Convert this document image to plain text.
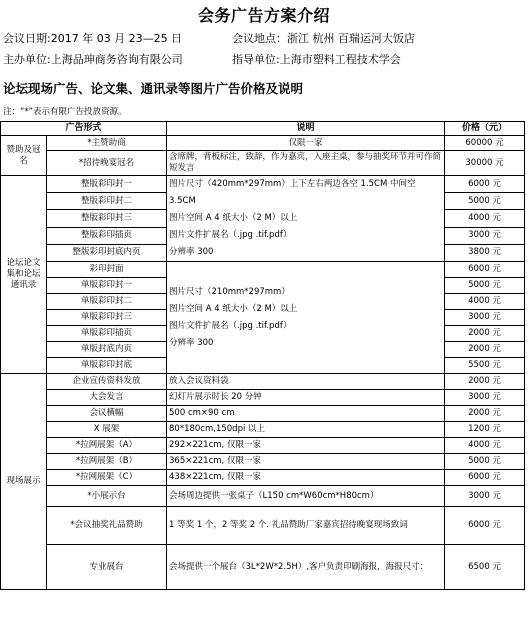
会务广告方案介绍
会议日期:2017 年 03 月 23—25 日	会议地点：浙江 杭州 百瑞运河大饭店
主办单位:上海品珅商务咨询有限公司	指导单位:上海市塑料工程技术学会
论坛现场广告、论文集、通讯录等图片广告价格及说明
注：“*”表示有限广告投放资源。
广告形式		说明	价格（元）
赞助及冠名	*主赞助商	仅限一家	60000 元
	*招待晚宴冠名	含席牌，背板标注，致辞，作为嘉宾，入座主桌，参与抽奖环节并可作简短发言	30000 元
论坛论文集和论坛通讯录	整版彩印封一	图片尺寸（420mm*297mm）上下左右两边各空 1.5CM 中间空 3.5CM
图片空间 A 4 纸大小（2 M）以上
图片文件扩展名（.jpg .tif.pdf）
分辨率 300	6000 元
	整版彩印封二		5000 元
	整版彩印封三		4000 元
	整版彩印插页		3000 元
	整版彩印封底内页		3800 元
	彩印封面	图片尺寸（210mm*297mm）
图片空间 A 4 纸大小（2 M）以上
图片文件扩展名（.jpg .tif.pdf）
分辨率 300	6000 元
	单版彩印封一		5000 元
	单版彩印封二		4000 元
	单版彩印封三		3000 元
	单版彩印插页		2000 元
	单版封底内页		2000 元
	单版彩印封底		5500 元
现场展示	企业宣传资料发放	放入会议资料袋	2000 元
	大会发言	幻灯片展示时长 20 分钟	3000 元
	会议横幅	500 cm×90 cm	2000 元
	X 展架	80*180cm,150dpi 以上	1200 元
	*拉网展架（A）	292×221cm, 仅限一家	4000 元
	*拉网展架（B）	365×221cm, 仅限一家	5000 元
	*拉网展架（C）	438×221cm, 仅限一家	6000 元
	*小展示台	会场周边提供一张桌子（L150 cm*W60cm*H80cm）	3000 元
	*会议抽奖礼品赞助	1 等奖 1 个，2 等奖 2 个. 礼品赞助厂家嘉宾招待晚宴现场致词	6000 元
	专业展台	会场提供一个展台（3L*2W*2.5H）,客户负责印刷海报，海报尺寸：	6500 元
